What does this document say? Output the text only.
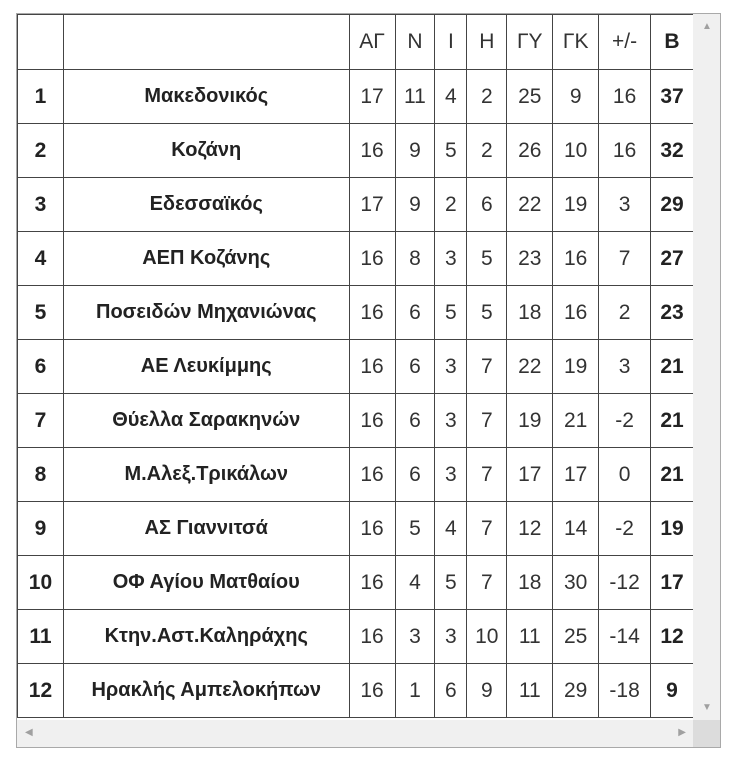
		ΑΓ	Ν	Ι	Η	ΓΥ	ΓΚ	+/-	Β
1	Μακεδονικός	17	11	4	2	25	9	16	37
2	Κοζάνη	16	9	5	2	26	10	16	32
3	Εδεσσαϊκός	17	9	2	6	22	19	3	29
4	ΑΕΠ Κοζάνης	16	8	3	5	23	16	7	27
5	Ποσειδών Μηχανιώνας	16	6	5	5	18	16	2	23
6	ΑΕ Λευκίμμης	16	6	3	7	22	19	3	21
7	Θύελλα Σαρακηνών	16	6	3	7	19	21	-2	21
8	Μ.Αλεξ.Τρικάλων	16	6	3	7	17	17	0	21
9	ΑΣ Γιαννιτσά	16	5	4	7	12	14	-2	19
10	ΟΦ Αγίου Ματθαίου	16	4	5	7	18	30	-12	17
11	Κτην.Αστ.Καληράχης	16	3	3	10	11	25	-14	12
12	Ηρακλής Αμπελοκήπων	16	1	6	9	11	29	-18	9
▲
▼
◀	▶
